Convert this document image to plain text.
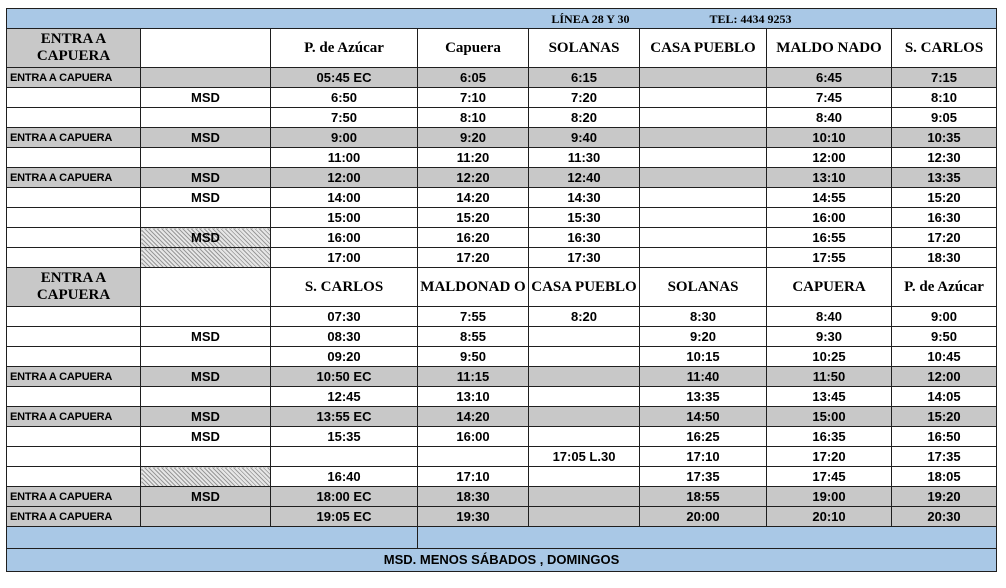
		LÍNEA 28 Y 30			TEL: 4434 9253		
ENTRA A CAPUERA		P. de Azúcar	Capuera	SOLANAS	CASA PUEBLO	MALDO NADO	S. CARLOS
ENTRA A CAPUERA		05:45 EC	6:05	6:15		6:45	7:15
	MSD	6:50	7:10	7:20		7:45	8:10
		7:50	8:10	8:20		8:40	9:05
ENTRA A CAPUERA	MSD	9:00	9:20	9:40		10:10	10:35
		11:00	11:20	11:30		12:00	12:30
ENTRA A CAPUERA	MSD	12:00	12:20	12:40		13:10	13:35
	MSD	14:00	14:20	14:30		14:55	15:20
		15:00	15:20	15:30		16:00	16:30
	MSD	16:00	16:20	16:30		16:55	17:20
		17:00	17:20	17:30		17:55	18:30
ENTRA A CAPUERA		S. CARLOS	MALDONAD O	CASA PUEBLO	SOLANAS	CAPUERA	P. de Azúcar
		07:30	7:55	8:20	8:30	8:40	9:00
	MSD	08:30	8:55		9:20	9:30	9:50
		09:20	9:50		10:15	10:25	10:45
ENTRA A CAPUERA	MSD	10:50 EC	11:15		11:40	11:50	12:00
		12:45	13:10		13:35	13:45	14:05
ENTRA A CAPUERA	MSD	13:55 EC	14:20		14:50	15:00	15:20
	MSD	15:35	16:00		16:25	16:35	16:50
				17:05 L.30	17:10	17:20	17:35
		16:40	17:10		17:35	17:45	18:05
ENTRA A CAPUERA	MSD	18:00 EC	18:30		18:55	19:00	19:20
ENTRA A CAPUERA		19:05 EC	19:30		20:00	20:10	20:30

MSD. MENOS SÁBADOS , DOMINGOS							
